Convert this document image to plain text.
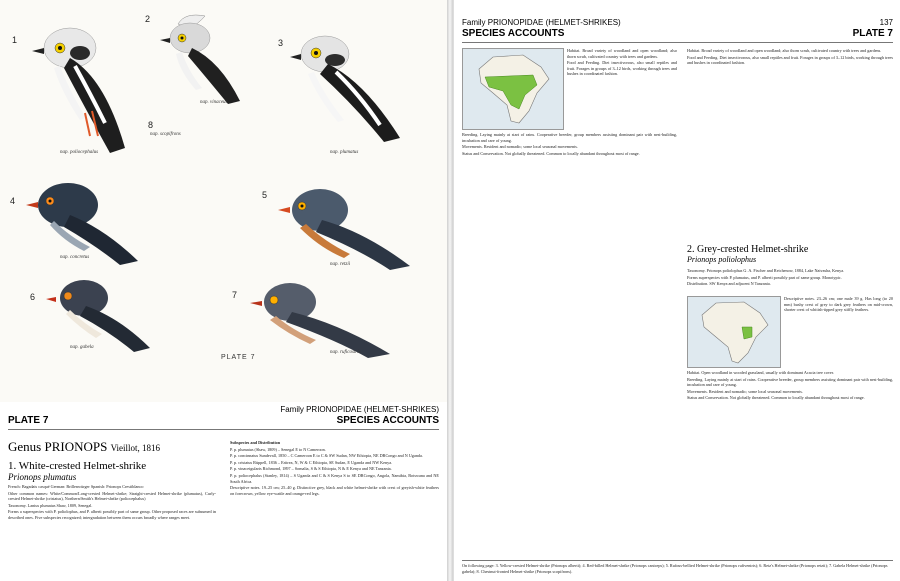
1
2
3
4
5
6	7
8
nap. poliocephalus
nap. vinaceus
nap. plumatus
nap. concretus
nap. retzii
nap. gabela
nap. ruficostris
nap. scopifrons
PLATE 7
PLATE 7
Family PRIONOPIDAE (HELMET-SHRIKES)
SPECIES ACCOUNTS
Genus PRIONOPS Vieillot, 1816
1. White-crested Helmet-shrike
Prionops plumatus

French: Bagadais casqué German: Brillenwürger Spanish: Prionops Crestiblanco

Other common names: White/Common/Long-crested Helmet-shrike; Straight-crested Helmet-shrike (plumatus), Curly-crested Helmet-shrike (cristatus), Northern/Smith's Helmet-shrike (poliocephalus)

Taxonomy. Lanius plumatus Shaw, 1809, Senegal.

Forms a superspecies with P. poliolophus, and P. alberti possibly part of same group. Other proposed races are subsumed in described ones. Five subspecies recognized; intergradation between them occurs broadly where ranges meet.

Subspecies and Distribution

P. p. plumatus (Shaw, 1809) – Senegal E to N Cameroon.

P. p. concinnatus Sundevall, 1850 – C Cameroon E to C & SW Sudan, NW Ethiopia, NE DRCongo and N Uganda.

P. p. cristatus Rüppell, 1836 – Eritrea, N, W & C Ethiopia, SE Sudan, E Uganda and NW Kenya.

P. p. vinaceigularis Richmond, 1897 – Somalia, S & S Ethiopia, N & E Kenya and NE Tanzania.

P. p. poliocephalus (Stanley, 1814) – S Uganda and C & S Kenya S to SE DRCongo, Angola, Namibia, Botswana and NE South Africa.

Descriptive notes. 19–25 cm; 25–40 g. Distinctive grey, black and white helmet-shrike with crest of greyish-white feathers on forecrown, yellow eye-wattle and orange-red legs.

Family PRIONOPIDAE (HELMET-SHRIKES)
SPECIES ACCOUNTS
137
PLATE 7

Habitat. Broad variety of woodland and open woodland; also thorn scrub, cultivated country with trees and gardens.

Food and Feeding. Diet insectivorous, also small reptiles and fruit. Forages in groups of 3–12 birds, working through trees and bushes in coordinated fashion.

Breeding. Laying mainly at start of rains. Cooperative breeder, group members assisting dominant pair with nest-building, incubation and care of young.

Movements. Resident and nomadic; some local seasonal movements.

Status and Conservation. Not globally threatened. Common to locally abundant throughout most of range.

Habitat. Broad variety of woodland and open woodland; also thorn scrub, cultivated country with trees and gardens.

Food and Feeding. Diet insectivorous, also small reptiles and fruit. Forages in groups of 3–12 birds, working through trees and bushes in coordinated fashion.

2. Grey-crested Helmet-shrike
Prionops poliolophus

Taxonomy. Prionops poliolophus G. A. Fischer and Reichenow, 1884, Lake Naivasha, Kenya.

Forms superspecies with P. plumatus, and P. alberti possibly part of same group. Monotypic.

Distribution. SW Kenya and adjacent N Tanzania.

Descriptive notes. 23–26 cm; one male 39 g. Has long (to 20 mm) bushy crest of grey to dark grey feathers on mid-crown, shorter crest of whitish-tipped grey stiffly feathers.

Habitat. Open woodland in wooded grassland, usually with dominant Acacia tree cover.

Breeding. Laying mainly at start of rains. Cooperative breeder, group members assisting dominant pair with nest-building, incubation and care of young.

Movements. Resident and nomadic; some local seasonal movements.

Status and Conservation. Not globally threatened. Common to locally abundant throughout most of range.

On following page: 3. Yellow-crested Helmet-shrike (Prionops alberti); 4. Red-billed Helmet-shrike (Prionops caniceps); 5. Rufous-bellied Helmet-shrike (Prionops rufiventris); 6. Retz's Helmet-shrike (Prionops retzii); 7. Gabela Helmet-shrike (Prionops gabela); 8. Chestnut-fronted Helmet-shrike (Prionops scopifrons).
